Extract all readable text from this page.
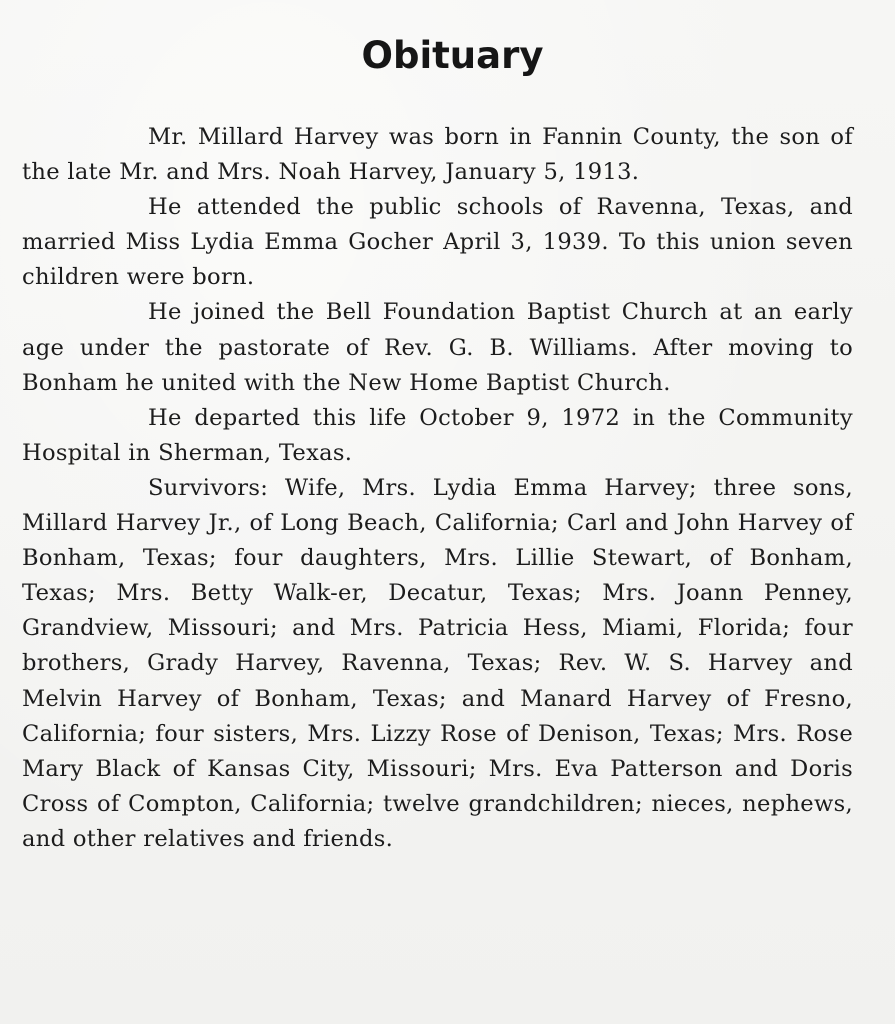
Obituary

Mr. Millard Harvey was born in Fannin County, the son of the late Mr. and Mrs. Noah Harvey, January 5, 1913.

He attended the public schools of Ravenna, Texas, and married Miss Lydia Emma Gocher April 3, 1939. To this union seven children were born.

He joined the Bell Foundation Baptist Church at an early age under the pastorate of Rev. G. B. Williams. After moving to Bonham he united with the New Home Baptist Church.

He departed this life October 9, 1972 in the Community Hospital in Sherman, Texas.

Survivors: Wife, Mrs. Lydia Emma Harvey; three sons, Millard Harvey Jr., of Long Beach, California; Carl and John Harvey of Bonham, Texas; four daughters, Mrs. Lillie Stewart, of Bonham, Texas; Mrs. Betty Walk-er, Decatur, Texas; Mrs. Joann Penney, Grandview, Missouri; and Mrs. Patricia Hess, Miami, Florida; four brothers, Grady Harvey, Ravenna, Texas; Rev. W. S. Harvey and Melvin Harvey of Bonham, Texas; and Manard Harvey of Fresno, California; four sisters, Mrs. Lizzy Rose of Denison, Texas; Mrs. Rose Mary Black of Kansas City, Missouri; Mrs. Eva Patterson and Doris Cross of Compton, California; twelve grandchildren; nieces, nephews, and other relatives and friends.
